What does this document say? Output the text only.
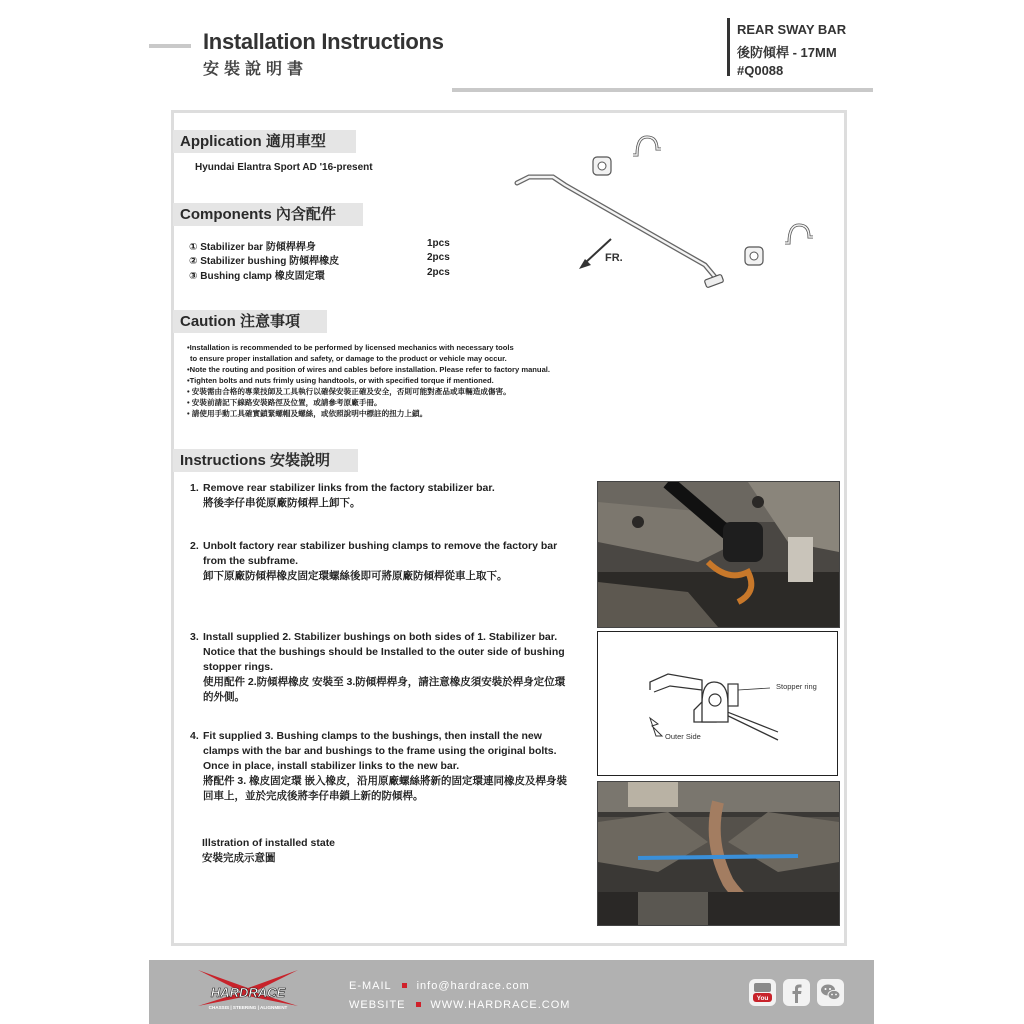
Installation Instructions
安裝說明書
REAR SWAY BAR
後防傾桿 - 17MM
#Q0088
Application 適用車型
Hyundai Elantra Sport AD '16-present
FR.
Components 內含配件
① Stabilizer bar 防傾桿桿身	1pcs
② Stabilizer bushing 防傾桿橡皮	2pcs
③ Bushing clamp 橡皮固定環	2pcs
Caution 注意事項
•Installation is recommended to be performed by licensed mechanics with necessary tools
to ensure proper installation and safety, or damage to the product or vehicle may occur.
•Note the routing and position of wires and cables before installation. Please refer to factory manual.
•Tighten bolts and nuts frimly using handtools, or with specified torque if mentioned.
• 安裝需由合格的專業技師及工具執行以確保安裝正確及安全，否則可能對產品或車輛造成傷害。
• 安裝前請記下線路安裝路徑及位置，或請參考原廠手冊。
• 請使用手動工具確實鎖緊螺帽及螺絲，或依照說明中標註的扭力上鎖。
Instructions 安裝說明
1. Remove rear stabilizer links from the factory stabilizer bar.
將後李仔串從原廠防傾桿上卸下。
2. Unbolt factory rear stabilizer bushing clamps to remove the factory bar
from the subframe.
卸下原廠防傾桿橡皮固定環螺絲後即可將原廠防傾桿從車上取下。
3. Install supplied 2. Stabilizer bushings on both sides of 1. Stabilizer bar.
Notice that the bushings should be Installed to the outer side of bushing
stopper rings.
使用配件 2.防傾桿橡皮 安裝至 3.防傾桿桿身，請注意橡皮須安裝於桿身定位環
的外側。
4. Fit supplied 3. Bushing clamps to the bushings, then install the new
clamps with the bar and bushings to the frame using the original bolts.
Once in place, install stabilizer links to the new bar.
將配件 3. 橡皮固定環 嵌入橡皮，沿用原廠螺絲將新的固定環連同橡皮及桿身裝
回車上，並於完成後將李仔串鎖上新的防傾桿。
Illstration of installed state
安裝完成示意圖
Stopper ring
Outer Side
HARDRACE
CHASSIS | STEERING | ALIGNMENT
E-MAIL info@hardrace.com
WEBSITE WWW.HARDRACE.COM
You
